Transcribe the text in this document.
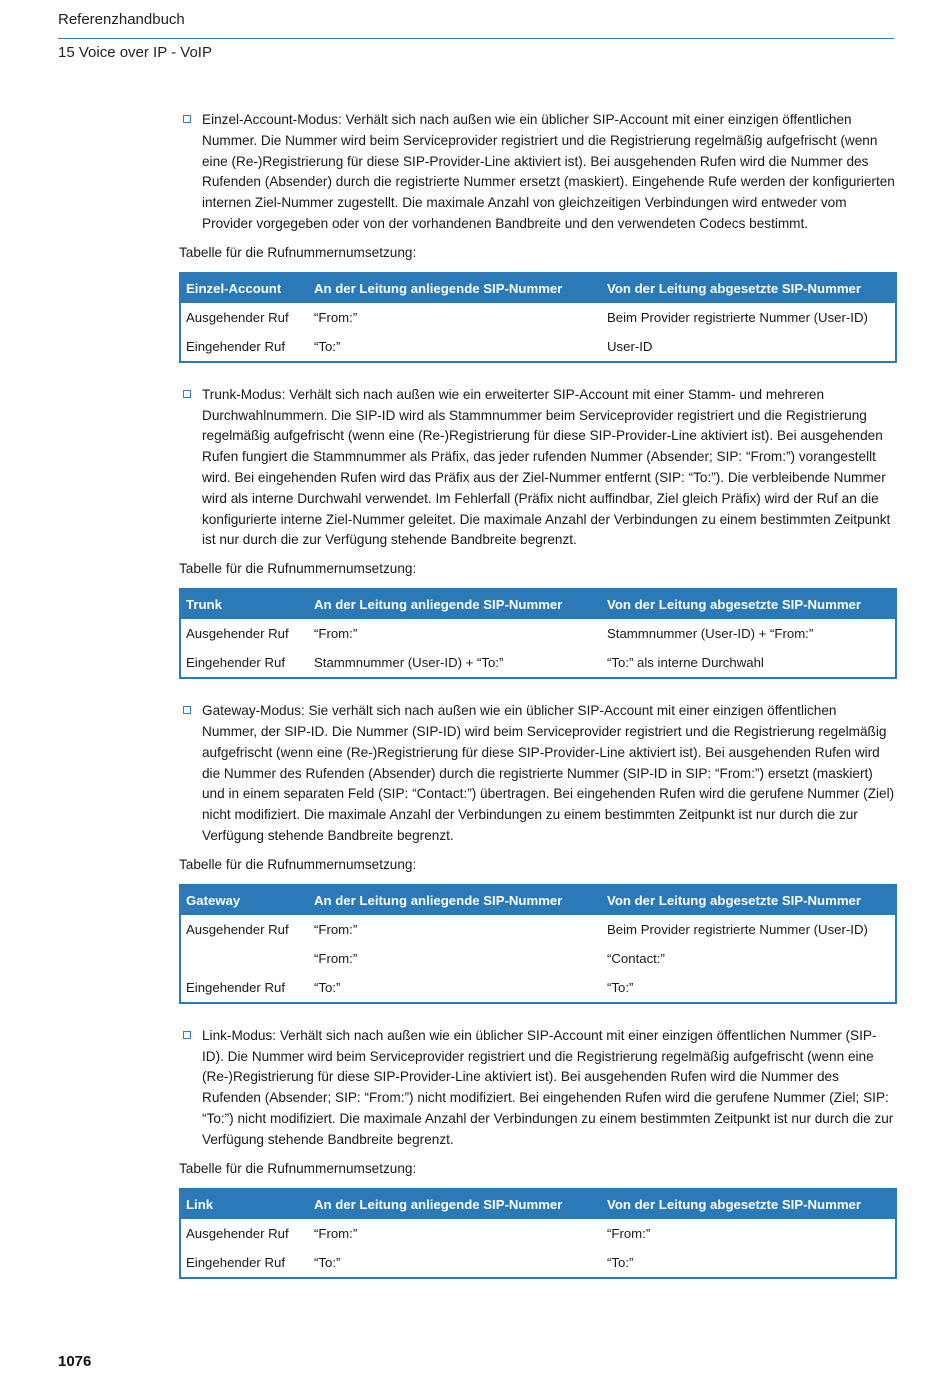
Referenzhandbuch
15 Voice over IP - VoIP

Einzel-Account-Modus: Verhält sich nach außen wie ein üblicher SIP-Account mit einer einzigen öffentlichen Nummer. Die Nummer wird beim Serviceprovider registriert und die Registrierung regelmäßig aufgefrischt (wenn eine (Re-)Registrierung für diese SIP-Provider-Line aktiviert ist). Bei ausgehenden Rufen wird die Nummer des Rufenden (Absender) durch die registrierte Nummer ersetzt (maskiert). Eingehende Rufe werden der konfigurierten internen Ziel-Nummer zugestellt. Die maximale Anzahl von gleichzeitigen Verbindungen wird entweder vom Provider vorgegeben oder von der vorhandenen Bandbreite und den verwendeten Codecs bestimmt.

Tabelle für die Rufnummernumsetzung:
Einzel-Account	An der Leitung anliegende SIP-Nummer	Von der Leitung abgesetzte SIP-Nummer
Ausgehender Ruf	“From:”	Beim Provider registrierte Nummer (User-ID)
Eingehender Ruf	“To:”	User-ID

Trunk-Modus: Verhält sich nach außen wie ein erweiterter SIP-Account mit einer Stamm- und mehreren Durchwahlnummern. Die SIP-ID wird als Stammnummer beim Serviceprovider registriert und die Registrierung regelmäßig aufgefrischt (wenn eine (Re-)Registrierung für diese SIP-Provider-Line aktiviert ist). Bei ausgehenden Rufen fungiert die Stammnummer als Präfix, das jeder rufenden Nummer (Absender; SIP: “From:”) vorangestellt wird. Bei eingehenden Rufen wird das Präfix aus der Ziel-Nummer entfernt (SIP: “To:”). Die verbleibende Nummer wird als interne Durchwahl verwendet. Im Fehlerfall (Präfix nicht auffindbar, Ziel gleich Präfix) wird der Ruf an die konfigurierte interne Ziel-Nummer geleitet. Die maximale Anzahl der Verbindungen zu einem bestimmten Zeitpunkt ist nur durch die zur Verfügung stehende Bandbreite begrenzt.

Tabelle für die Rufnummernumsetzung:
Trunk	An der Leitung anliegende SIP-Nummer	Von der Leitung abgesetzte SIP-Nummer
Ausgehender Ruf	“From:”	Stammnummer (User-ID) + “From:”
Eingehender Ruf	Stammnummer (User-ID) + “To:”	“To:” als interne Durchwahl

Gateway-Modus: Sie verhält sich nach außen wie ein üblicher SIP-Account mit einer einzigen öffentlichen Nummer, der SIP-ID. Die Nummer (SIP-ID) wird beim Serviceprovider registriert und die Registrierung regelmäßig aufgefrischt (wenn eine (Re-)Registrierung für diese SIP-Provider-Line aktiviert ist). Bei ausgehenden Rufen wird die Nummer des Rufenden (Absender) durch die registrierte Nummer (SIP-ID in SIP: “From:”) ersetzt (maskiert) und in einem separaten Feld (SIP: “Contact:”) übertragen. Bei eingehenden Rufen wird die gerufene Nummer (Ziel) nicht modifiziert. Die maximale Anzahl der Verbindungen zu einem bestimmten Zeitpunkt ist nur durch die zur Verfügung stehende Bandbreite begrenzt.

Tabelle für die Rufnummernumsetzung:
Gateway	An der Leitung anliegende SIP-Nummer	Von der Leitung abgesetzte SIP-Nummer
Ausgehender Ruf	“From:”	Beim Provider registrierte Nummer (User-ID)
	“From:”	“Contact:”
Eingehender Ruf	“To:”	“To:”

Link-Modus: Verhält sich nach außen wie ein üblicher SIP-Account mit einer einzigen öffentlichen Nummer (SIP-ID). Die Nummer wird beim Serviceprovider registriert und die Registrierung regelmäßig aufgefrischt (wenn eine (Re-)Registrierung für diese SIP-Provider-Line aktiviert ist). Bei ausgehenden Rufen wird die Nummer des Rufenden (Absender; SIP: “From:”) nicht modifiziert. Bei eingehenden Rufen wird die gerufene Nummer (Ziel; SIP: “To:”) nicht modifiziert. Die maximale Anzahl der Verbindungen zu einem bestimmten Zeitpunkt ist nur durch die zur Verfügung stehende Bandbreite begrenzt.

Tabelle für die Rufnummernumsetzung:
Link	An der Leitung anliegende SIP-Nummer	Von der Leitung abgesetzte SIP-Nummer
Ausgehender Ruf	“From:”	“From:”
Eingehender Ruf	“To:”	“To:”
1076
